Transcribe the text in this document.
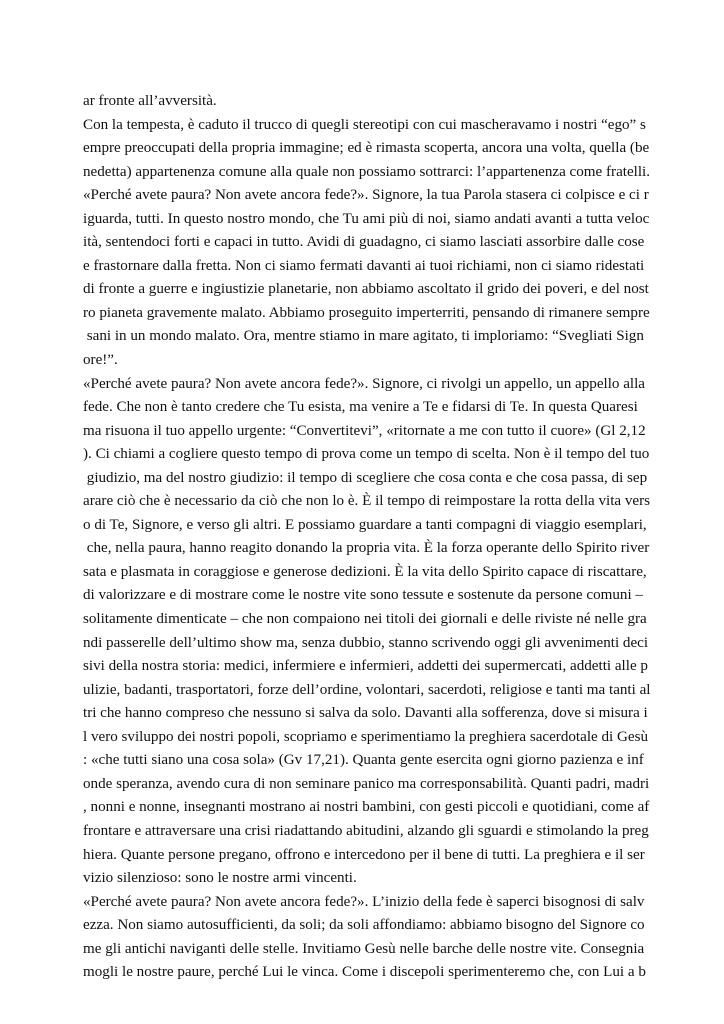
ar fronte all’avversità.
Con la tempesta, è caduto il trucco di quegli stereotipi con cui mascheravamo i nostri “ego” s
empre preoccupati della propria immagine; ed è rimasta scoperta, ancora una volta, quella (be
nedetta) appartenenza comune alla quale non possiamo sottrarci: l’appartenenza come fratelli.
«Perché avete paura? Non avete ancora fede?». Signore, la tua Parola stasera ci colpisce e ci r
iguarda, tutti. In questo nostro mondo, che Tu ami più di noi, siamo andati avanti a tutta veloc
ità, sentendoci forti e capaci in tutto. Avidi di guadagno, ci siamo lasciati assorbire dalle cose
e frastornare dalla fretta. Non ci siamo fermati davanti ai tuoi richiami, non ci siamo ridestati
di fronte a guerre e ingiustizie planetarie, non abbiamo ascoltato il grido dei poveri, e del nost
ro pianeta gravemente malato. Abbiamo proseguito imperterriti, pensando di rimanere sempre
sani in un mondo malato. Ora, mentre stiamo in mare agitato, ti imploriamo: “Svegliati Sign
ore!”.
«Perché avete paura? Non avete ancora fede?». Signore, ci rivolgi un appello, un appello alla
fede. Che non è tanto credere che Tu esista, ma venire a Te e fidarsi di Te. In questa Quaresi
ma risuona il tuo appello urgente: “Convertitevi”, «ritornate a me con tutto il cuore» (Gl 2,12
). Ci chiami a cogliere questo tempo di prova come un tempo di scelta. Non è il tempo del tuo
giudizio, ma del nostro giudizio: il tempo di scegliere che cosa conta e che cosa passa, di sep
arare ciò che è necessario da ciò che non lo è. È il tempo di reimpostare la rotta della vita vers
o di Te, Signore, e verso gli altri. E possiamo guardare a tanti compagni di viaggio esemplari,
che, nella paura, hanno reagito donando la propria vita. È la forza operante dello Spirito river
sata e plasmata in coraggiose e generose dedizioni. È la vita dello Spirito capace di riscattare,
di valorizzare e di mostrare come le nostre vite sono tessute e sostenute da persone comuni –
solitamente dimenticate – che non compaiono nei titoli dei giornali e delle riviste né nelle gra
ndi passerelle dell’ultimo show ma, senza dubbio, stanno scrivendo oggi gli avvenimenti deci
sivi della nostra storia: medici, infermiere e infermieri, addetti dei supermercati, addetti alle p
ulizie, badanti, trasportatori, forze dell’ordine, volontari, sacerdoti, religiose e tanti ma tanti al
tri che hanno compreso che nessuno si salva da solo. Davanti alla sofferenza, dove si misura i
l vero sviluppo dei nostri popoli, scopriamo e sperimentiamo la preghiera sacerdotale di Gesù
: «che tutti siano una cosa sola» (Gv 17,21). Quanta gente esercita ogni giorno pazienza e inf
onde speranza, avendo cura di non seminare panico ma corresponsabilità. Quanti padri, madri
, nonni e nonne, insegnanti mostrano ai nostri bambini, con gesti piccoli e quotidiani, come af
frontare e attraversare una crisi riadattando abitudini, alzando gli sguardi e stimolando la preg
hiera. Quante persone pregano, offrono e intercedono per il bene di tutti. La preghiera e il ser
vizio silenzioso: sono le nostre armi vincenti.
«Perché avete paura? Non avete ancora fede?». L’inizio della fede è saperci bisognosi di salv
ezza. Non siamo autosufficienti, da soli; da soli affondiamo: abbiamo bisogno del Signore co
me gli antichi naviganti delle stelle. Invitiamo Gesù nelle barche delle nostre vite. Consegnia
mogli le nostre paure, perché Lui le vinca. Come i discepoli sperimenteremo che, con Lui a b
